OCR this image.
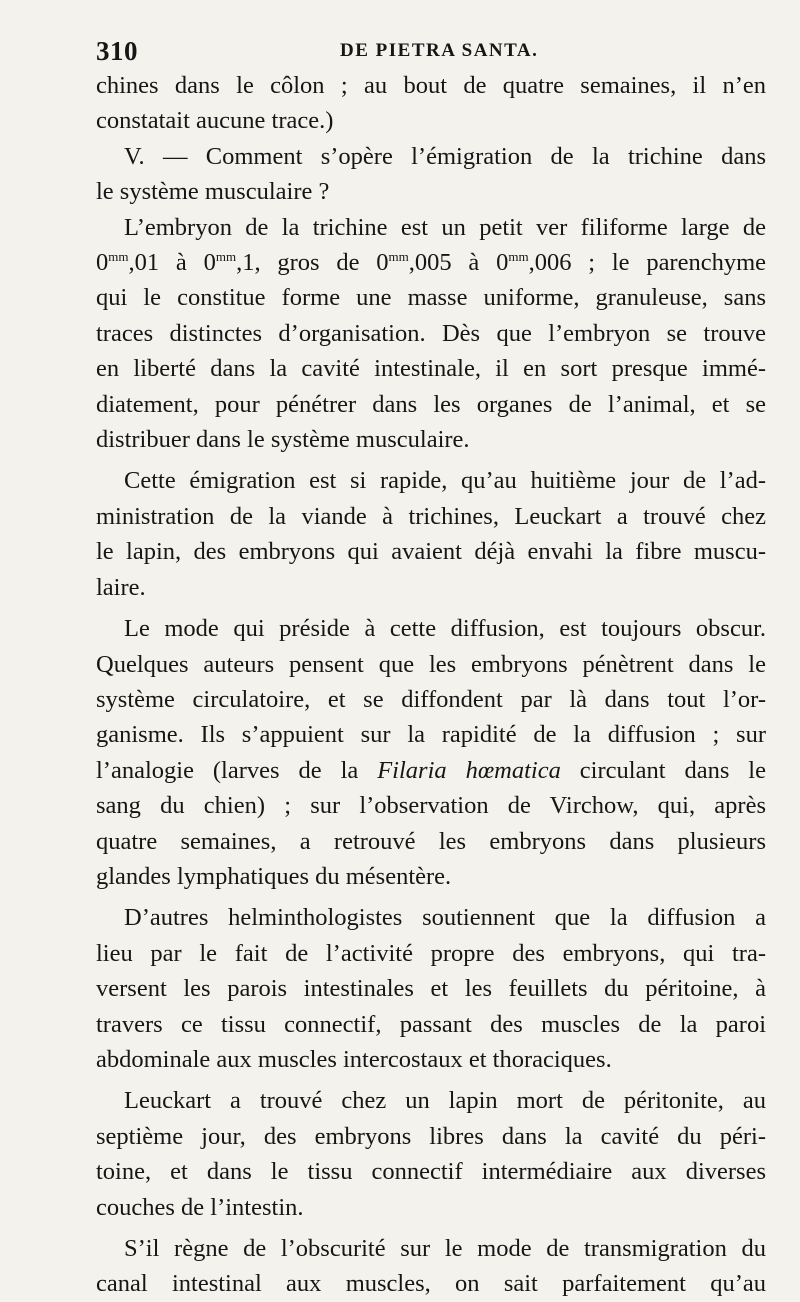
310	DE PIETRA SANTA.

chines dans le côlon ; au bout de quatre semaines, il n’en
constatait aucune trace.)

V. — Comment s’opère l’émigration de la trichine dans
le système musculaire ?

L’embryon de la trichine est un petit ver filiforme large de
$0^{mm},01$ à $0^{mm},1$, gros de $0^{mm},005$ à $0^{mm},006$ ; le parenchyme
qui le constitue forme une masse uniforme, granuleuse, sans
traces distinctes d’organisation. Dès que l’embryon se trouve
en liberté dans la cavité intestinale, il en sort presque immé-
diatement, pour pénétrer dans les organes de l’animal, et se
distribuer dans le système musculaire.

Cette émigration est si rapide, qu’au huitième jour de l’ad-
ministration de la viande à trichines, Leuckart a trouvé chez
le lapin, des embryons qui avaient déjà envahi la fibre muscu-
laire.

Le mode qui préside à cette diffusion, est toujours obscur.
Quelques auteurs pensent que les embryons pénètrent dans le
système circulatoire, et se diffondent par là dans tout l’or-
ganisme. Ils s’appuient sur la rapidité de la diffusion ; sur
l’analogie (larves de la Filaria hœmatica circulant dans le
sang du chien) ; sur l’observation de Virchow, qui, après
quatre semaines, a retrouvé les embryons dans plusieurs
glandes lymphatiques du mésentère.

D’autres helminthologistes soutiennent que la diffusion a
lieu par le fait de l’activité propre des embryons, qui tra-
versent les parois intestinales et les feuillets du péritoine, à
travers ce tissu connectif, passant des muscles de la paroi
abdominale aux muscles intercostaux et thoraciques.

Leuckart a trouvé chez un lapin mort de péritonite, au
septième jour, des embryons libres dans la cavité du péri-
toine, et dans le tissu connectif intermédiaire aux diverses
couches de l’intestin.

S’il règne de l’obscurité sur le mode de transmigration du
canal intestinal aux muscles, on sait parfaitement qu’au
